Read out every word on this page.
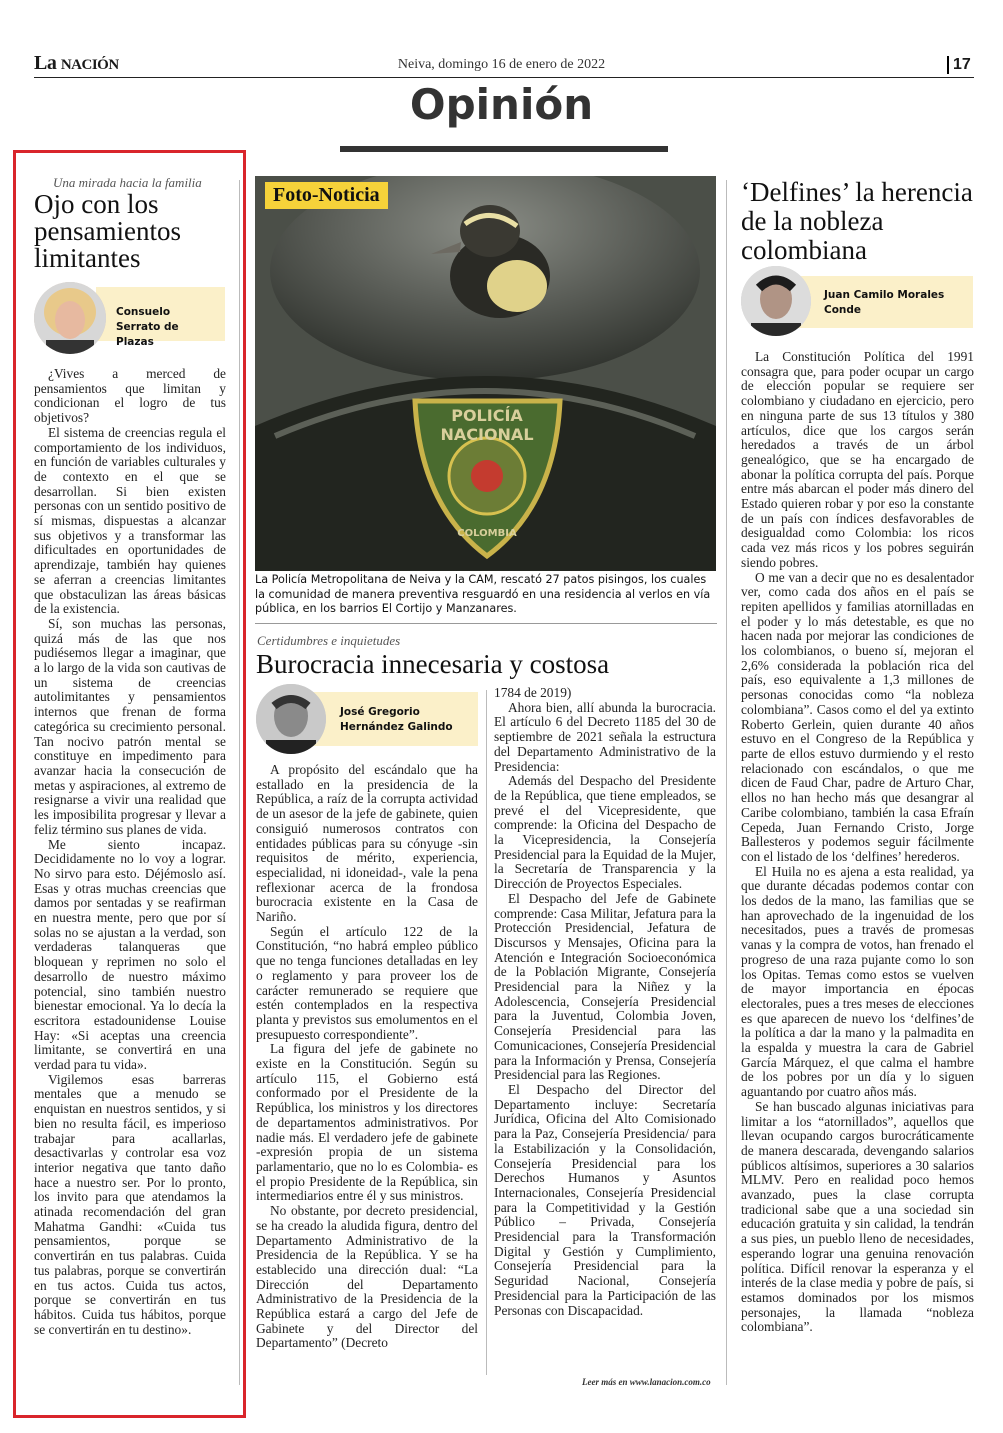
La NACIÓN	Neiva, domingo 16 de enero de 2022	17
Opinión
Una mirada hacia la familia
Ojo con los pensamientos limitantes
Consuelo Serrato de Plazas

¿Vives a merced de pensamientos que limitan y condicionan el logro de tus objetivos?

El sistema de creencias regula el comportamiento de los individuos, en función de variables culturales y de contexto en el que se desarrollan. Si bien existen personas con un sentido positivo de sí mismas, dispuestas a alcanzar sus objetivos y a transformar las dificultades en oportunidades de aprendizaje, también hay quienes se aferran a creencias limitantes que obstaculizan las áreas básicas de la existencia.

Sí, son muchas las personas, quizá más de las que nos pudiésemos llegar a imaginar, que a lo largo de la vida son cautivas de un sistema de creencias autolimitantes y pensamientos internos que frenan de forma categórica su crecimiento personal. Tan nocivo patrón mental se constituye en impedimento para avanzar hacia la consecución de metas y aspiraciones, al extremo de resignarse a vivir una realidad que les imposibilita progresar y llevar a feliz término sus planes de vida.

Me siento incapaz. Decididamente no lo voy a lograr. No sirvo para esto. Déjémoslo así. Esas y otras muchas creencias que damos por sentadas y se reafirman en nuestra mente, pero que por sí solas no se ajustan a la verdad, son verdaderas talanqueras que bloquean y reprimen no solo el desarrollo de nuestro máximo potencial, sino también nuestro bienestar emocional. Ya lo decía la escritora estadounidense Louise Hay: «Si aceptas una creencia limitante, se convertirá en una verdad para tu vida».

Vigilemos esas barreras mentales que a menudo se enquistan en nuestros sentidos, y si bien no resulta fácil, es imperioso trabajar para acallarlas, desactivarlas y controlar esa voz interior negativa que tanto daño hace a nuestro ser. Por lo pronto, los invito para que atendamos la atinada recomendación del gran Mahatma Gandhi: «Cuida tus pensamientos, porque se convertirán en tus palabras. Cuida tus palabras, porque se convertirán en tus actos. Cuida tus actos, porque se convertirán en tus hábitos. Cuida tus hábitos, porque se convertirán en tu destino».

POLICÍA
NACIONAL
COLOMBIA
Foto-Noticia
La Policía Metropolitana de Neiva y la CAM, rescató 27 patos pisingos, los cuales la comunidad de manera preventiva resguardó en una residencia al verlos en vía pública, en los barrios El Cortijo y Manzanares.
Certidumbres e inquietudes
Burocracia innecesaria y costosa
José Gregorio Hernández Galindo

A propósito del escándalo que ha estallado en la presidencia de la República, a raíz de la corrupta actividad de un asesor de la jefe de gabinete, quien consiguió numerosos contratos con entidades públicas para su cónyuge -sin requisitos de mérito, experiencia, especialidad, ni idoneidad-, vale la pena reflexionar acerca de la frondosa burocracia existente en la Casa de Nariño.

Según el artículo 122 de la Constitución, “no habrá empleo público que no tenga funciones detalladas en ley o reglamento y para proveer los de carácter remunerado se requiere que estén contemplados en la respectiva planta y previstos sus emolumentos en el presupuesto correspondiente”.

La figura del jefe de gabinete no existe en la Constitución. Según su artículo 115, el Gobierno está conformado por el Presidente de la República, los ministros y los directores de departamentos administrativos. Por nadie más. El verdadero jefe de gabinete -expresión propia de un sistema parlamentario, que no lo es Colombia- es el propio Presidente de la República, sin intermediarios entre él y sus ministros.

No obstante, por decreto presidencial, se ha creado la aludida figura, dentro del Departamento Administrativo de la Presidencia de la República. Y se ha establecido una dirección dual: “La Dirección del Departamento Administrativo de la Presidencia de la República estará a cargo del Jefe de Gabinete y del Director del Departamento” (Decreto

1784 de 2019)

Ahora bien, allí abunda la burocracia. El artículo 6 del Decreto 1185 del 30 de septiembre de 2021 señala la estructura del Departamento Administrativo de la Presidencia:

Además del Despacho del Presidente de la República, que tiene empleados, se prevé el del Vicepresidente, que comprende: la Oficina del Despacho de la Vicepresidencia, la Consejería Presidencial para la Equidad de la Mujer, la Secretaría de Transparencia y la Dirección de Proyectos Especiales.

El Despacho del Jefe de Gabinete comprende: Casa Militar, Jefatura para la Protección Presidencial, Jefatura de Discursos y Mensajes, Oficina para la Atención e Integración Socioeconómica de la Población Migrante, Consejería Presidencial para la Niñez y la Adolescencia, Consejería Presidencial para la Juventud, Colombia Joven, Consejería Presidencial para las Comunicaciones, Consejería Presidencial para la Información y Prensa, Consejería Presidencial para las Regiones.

El Despacho del Director del Departamento incluye: Secretaría Jurídica, Oficina del Alto Comisionado para la Paz, Consejería Presidencia/ para la Estabilización y la Consolidación, Consejería Presidencial para los Derechos Humanos y Asuntos Internacionales, Consejería Presidencial para la Competitividad y la Gestión Público – Privada, Consejería Presidencial para la Transformación Digital y Gestión y Cumplimiento, Consejería Presidencial para la Seguridad Nacional, Consejería Presidencial para la Participación de las Personas con Discapacidad.

Leer más en www.lanacion.com.co
‘Delfines’ la herencia de la nobleza colombiana
Juan Camilo Morales Conde

La Constitución Política del 1991 consagra que, para poder ocupar un cargo de elección popular se requiere ser colombiano y ciudadano en ejercicio, pero en ninguna parte de sus 13 títulos y 380 artículos, dice que los cargos serán heredados a través de un árbol genealógico, que se ha encargado de abonar la política corrupta del país. Porque entre más abarcan el poder más dinero del Estado quieren robar y por eso la constante de un país con índices desfavorables de desigualdad como Colombia: los ricos cada vez más ricos y los pobres seguirán siendo pobres.

O me van a decir que no es desalentador ver, como cada dos años en el país se repiten apellidos y familias atornilladas en el poder y lo más detestable, es que no hacen nada por mejorar las condiciones de los colombianos, o bueno sí, mejoran el 2,6% considerada la población rica del país, eso equivalente a 1,3 millones de personas conocidas como “la nobleza colombiana”. Casos como el del ya extinto Roberto Gerlein, quien durante 40 años estuvo en el Congreso de la República y parte de ellos estuvo durmiendo y el resto relacionado con escándalos, o que me dicen de Faud Char, padre de Arturo Char, ellos no han hecho más que desangrar al Caribe colombiano, también la casa Efraín Cepeda, Juan Fernando Cristo, Jorge Ballesteros y podemos seguir fácilmente con el listado de los ‘delfines’ herederos.

El Huila no es ajena a esta realidad, ya que durante décadas podemos contar con los dedos de la mano, las familias que se han aprovechado de la ingenuidad de los necesitados, pues a través de promesas vanas y la compra de votos, han frenado el progreso de una raza pujante como lo son los Opitas. Temas como estos se vuelven de mayor importancia en épocas electorales, pues a tres meses de elecciones es que aparecen de nuevo los ‘delfines’de la política a dar la mano y la palmadita en la espalda y muestra la cara de Gabriel García Márquez, el que calma el hambre de los pobres por un día y lo siguen aguantando por cuatro años más.

Se han buscado algunas iniciativas para limitar a los “atornillados”, aquellos que llevan ocupando cargos burocráticamente de manera descarada, devengando salarios públicos altísimos, superiores a 30 salarios MLMV. Pero en realidad poco hemos avanzado, pues la clase corrupta tradicional sabe que a una sociedad sin educación gratuita y sin calidad, la tendrán a sus pies, un pueblo lleno de necesidades, esperando lograr una genuina renovación política. Difícil renovar la esperanza y el interés de la clase media y pobre de país, si estamos dominados por los mismos personajes, la llamada “nobleza colombiana”.
